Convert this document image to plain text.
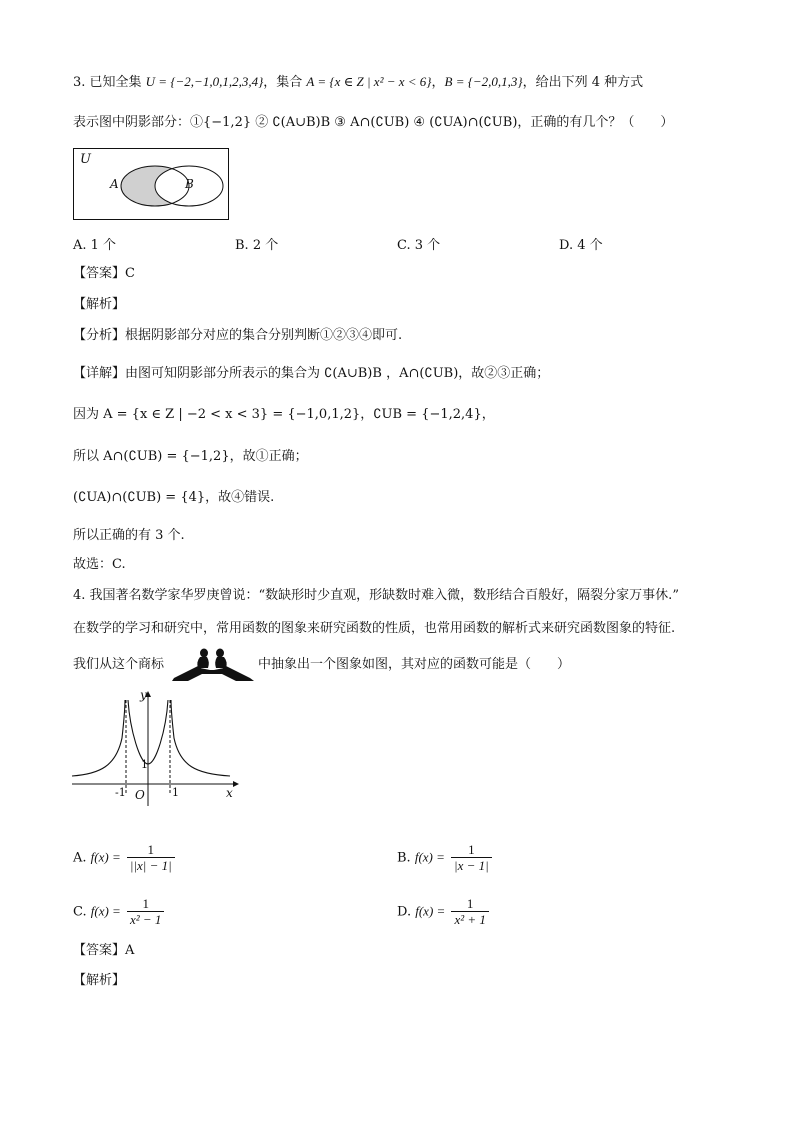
3. 已知全集 U = {−2,−1,0,1,2,3,4}，集合 A = {x ∈ Z | x² − x < 6}，B = {−2,0,1,3}，给出下列 4 种方式
表示图中阴影部分：①{−1,2} ② ∁(A∪B)B ③ A∩(∁UB) ④ (∁UA)∩(∁UB)，正确的有几个？（　　）
U
A	B
A. 1 个	B. 2 个	C. 3 个	D. 4 个
【答案】C
【解析】
【分析】根据阴影部分对应的集合分别判断①②③④即可.
【详解】由图可知阴影部分所表示的集合为 ∁(A∪B)B ，A∩(∁UB)，故②③正确；
因为 A = {x ∈ Z | −2 < x < 3} = {−1,0,1,2}，∁UB = {−1,2,4}，
所以 A∩(∁UB) = {−1,2}，故①正确；
(∁UA)∩(∁UB) = {4}，故④错误.
所以正确的有 3 个.
故选：C.
4. 我国著名数学家华罗庚曾说：“数缺形时少直观，形缺数时难入微，数形结合百般好，隔裂分家万事休.”
在数学的学习和研究中，常用函数的图象来研究函数的性质，也常用函数的解析式来研究函数图象的特征.
我们从这个商标	中抽象出一个图象如图，其对应的函数可能是（　　）
y
x
1
-1 O 1
A. $f(x) = \frac{1}{||x| - 1|}$	B. $f(x) = \frac{1}{|x - 1|}$
C. $f(x) = \frac{1}{\text{x² − 1}}$	D. $f(x) = \frac{1}{\text{x² + 1}}$
【答案】A
【解析】
